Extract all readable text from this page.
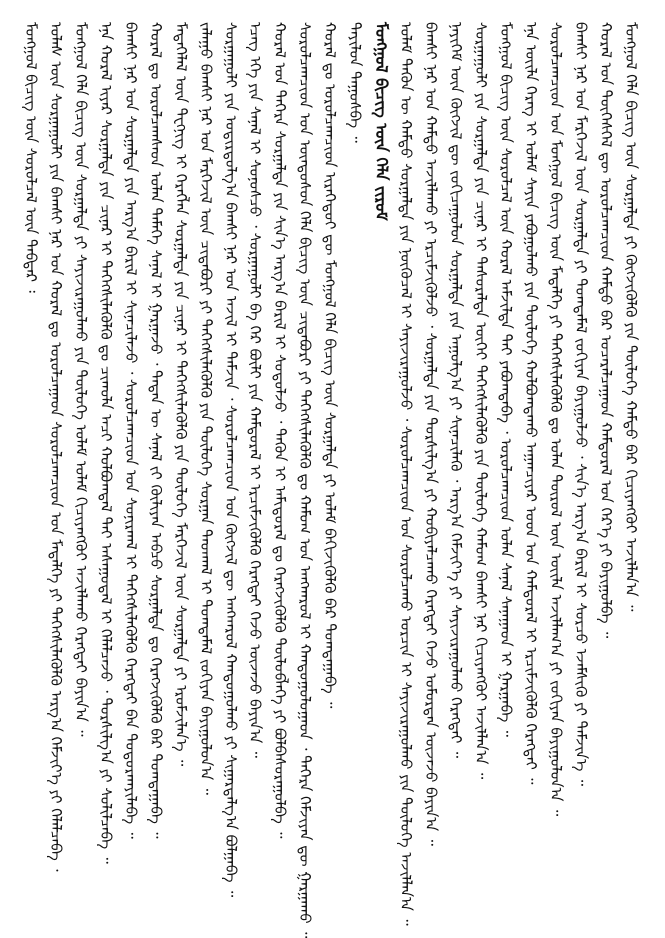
ᠮᠣᠩᠭᠣᠯ ᠪᠢᠴᠢᠭ᠌ ᠦᠨ ᠰᠤᠷᠤᠯᠴᠠᠯ ᠦᠨ ᠳᠡᠪᠲᠡᠷ ᠄ ᠤᠯᠠᠰ ᠦᠨ ᠰᠤᠷᠭᠠᠭᠤᠯᠢ ᠶᠢᠨ ᠪᠠᠭᠰᠢ ᠨᠠᠷ ᠤᠨ ᠬᠤᠷᠠᠯ ᠳᠤ ᠣᠷᠤᠯᠴᠠᠭᠠᠳ ᠰᠤᠷᠤᠯᠴᠠᠭᠴᠢᠳ ᠤᠨ ᠮᠡᠳᠡᠯᠭᠡ ᠶᠢ ᠳᠡᠭᠡᠭᠰᠢᠯᠡᠭᠦᠯᠬᠦ ᠠᠷᠭ᠎ᠠ ᠬᠡᠮᠵᠢᠶ᠎ᠡ ᠶᠢ ᠬᠡᠯᠡᠯᠴᠡᠪᠡ ᠂ ᠮᠣᠩᠭᠣᠯ ᠬᠡᠯᠡ ᠪᠢᠴᠢᠭ᠌ ᠦᠨ ᠰᠤᠷᠭᠠᠯᠲᠠ ᠶᠢ ᠰᠠᠶᠢᠵᠢᠷᠠᠭᠤᠯᠬᠤ ᠶᠢᠨ ᠲᠥᠯᠦᠭᠡ ᠤᠯᠠᠮ ᠤᠯᠠᠮ ᠬᠢᠴᠢᠶᠡᠩᠭᠦᠢ ᠠᠵᠢᠯᠯᠠᠬᠤ ᠬᠡᠷᠡᠭᠲᠡᠢ ᠪᠠᠶᠢᠨ᠎ᠠ ᠃ ᠡᠨᠡ ᠬᠤᠷᠠᠯ ᠢᠶᠠᠷ ᠰᠤᠷᠭᠠᠯᠲᠠ ᠶᠢᠨ ᠴᠢᠨᠠᠷ ᠢ ᠳᠡᠭᠡᠭᠰᠢᠯᠡᠭᠦᠯᠬᠦ ᠳᠤ ᠴᠢᠬᠤᠯᠠ ᠠᠴᠢ ᠬᠣᠯᠪᠣᠭᠳᠠᠯ ᠲᠠᠢ ᠠᠰᠠᠭᠤᠳᠠᠯ ᠢ ᠬᠡᠯᠡᠯᠴᠡᠵᠦ ᠂ ᠲᠤᠷᠰᠢᠯᠭ᠎ᠠ ᠶᠢ ᠰᠣᠯᠢᠯᠴᠠᠪᠠ ᠃ ᠪᠠᠭᠰᠢ ᠨᠠᠷ ᠤᠨ ᠰᠤᠷᠭᠠᠯᠲᠠ ᠶᠢᠨ ᠠᠷᠭ᠎ᠠ ᠪᠠᠷᠢᠯ ᠢ ᠰᠢᠨᠡᠴᠢᠯᠡᠵᠦ ᠂ ᠰᠤᠷᠤᠯᠴᠠᠭᠴᠢᠳ ᠤᠨ ᠰᠣᠨᠢᠷᠬᠠᠯ ᠢ ᠳᠡᠭᠡᠭᠰᠢᠯᠡᠭᠦᠯᠬᠦ ᠬᠡᠷᠡᠭᠲᠡᠢ ᠪᠡᠨ ᠲᠣᠳᠣᠷᠬᠠᠶᠢᠯᠠᠪᠠ ᠃ ᠬᠤᠷᠠᠯ ᠳᠤ ᠣᠷᠤᠯᠴᠠᠭᠰᠠᠳ ᠣᠯᠠᠨ ᠲᠡᠮᠡᠭᠡ ᠰᠠᠨᠠᠯ ᠢ ᠭᠠᠷᠭᠠᠵᠤ ᠂ ᠲᠡᠳᠡᠨ ᠦ ᠰᠠᠨᠠᠯ ᠵᠢ ᠬᠦᠯᠢᠶᠡᠨ ᠠᠪᠴᠤ ᠰᠤᠷᠭᠠᠯᠲᠠ ᠳᠤ ᠬᠡᠷᠡᠭᠵᠢᠭᠦᠯᠬᠦ ᠪᠠᠷ ᠲᠣᠭᠲᠠᠭᠠᠪᠠ ᠃ ᠮᠡᠳᠡᠭᠡᠯᠡᠯ ᠦᠨ ᠲᠧᠬᠨᠢᠭ ᠢ ᠬᠡᠷᠡᠭᠯᠡᠨ ᠰᠤᠷᠭᠠᠯᠲᠠ ᠶᠢᠨ ᠴᠢᠨᠠᠷ ᠢ ᠳᠡᠭᠡᠭᠰᠢᠯᠡᠭᠦᠯᠬᠦ ᠶᠢᠨ ᠲᠥᠯᠦᠭᠡ ᠮᠡᠷᠭᠡᠵᠢᠯ ᠦᠨ ᠰᠤᠷᠭᠠᠯᠲᠠ ᠶᠢ ᠡᠷᠦᠮᠵᠢᠯᠡᠨ᠎ᠡ ᠃ ᠵᠠᠯᠠᠭᠤ ᠪᠠᠭᠰᠢ ᠨᠠᠷ ᠤᠨ ᠮᠡᠷᠭᠡᠵᠢᠯ ᠦᠨ ᠴᠢᠳᠠᠪᠤᠷᠢ ᠶᠢ ᠳᠡᠭᠡᠭᠰᠢᠯᠡᠭᠦᠯᠬᠦ ᠶᠢᠨ ᠲᠥᠯᠦᠭᠡ ᠰᠤᠷᠭᠠᠨ ᠳᠠᠳᠬᠠᠯ ᠢ ᠲᠣᠭᠲᠠᠮᠠᠯ ᠵᠣᠬᠢᠶᠠᠨ ᠪᠠᠶᠢᠭᠤᠯᠤᠨ᠎ᠠ ᠃ ᠰᠤᠷᠭᠠᠭᠤᠯᠢ ᠶᠢᠨ ᠤᠳᠢᠷᠳᠤᠯᠭ᠎ᠠ ᠪᠠᠭᠰᠢ ᠨᠠᠷ ᠤᠨ ᠠᠵᠢᠯ ᠢ ᠳᠡᠮᠵᠢᠨ ᠂ ᠰᠤᠷᠤᠯᠴᠠᠭᠴᠢᠳ ᠤᠨ ᠬᠥᠭᠵᠢᠯ ᠳᠦ ᠠᠩᠬᠠᠷᠤᠯ ᠬᠠᠨᠳᠤᠭᠤᠯᠬᠤ ᠶᠢ ᠰᠢᠭᠠᠷᠳᠠᠯᠭ᠎ᠠ ᠪᠣᠯᠭᠠᠪᠠ ᠃ ᠡᠴᠡᠭ ᠡᠬᠡ ᠶᠢᠨ ᠰᠠᠨᠠᠯ ᠢ ᠰᠣᠨᠣᠰᠴᠤ ᠂ ᠰᠤᠷᠭᠠᠭᠤᠯᠢ ᠪᠠ ᠭᠡᠷ ᠪᠦᠯᠢ ᠶᠢᠨ ᠬᠠᠮᠲᠤᠷᠠᠯ ᠢ ᠡᠷᠴᠢᠮᠵᠢᠭᠦᠯᠬᠦ ᠬᠡᠷᠡᠭᠲᠡᠢ ᠭᠡᠵᠦ ᠦᠵᠡᠵᠦ ᠪᠠᠶᠢᠨ᠎ᠠ ᠃ ᠬᠤᠷᠠᠯ ᠤᠨ ᠳᠡᠭᠡᠷᠡ ᠰᠤᠷᠭᠠᠯᠲᠠ ᠶᠢᠨ ᠰᠢᠨ᠎ᠡ ᠠᠷᠭ᠎ᠠ ᠪᠠᠷᠢᠯ ᠢ ᠰᠤᠳᠤᠯᠵᠤ ᠂ ᠲᠡᠭᠦᠨ ᠢ ᠠᠮᠢᠳᠤᠷᠠᠯ ᠳᠤ ᠬᠡᠷᠡᠭᠵᠢᠭᠦᠯᠬᠦ ᠲᠥᠯᠦᠪᠯᠡᠭᠡ ᠶᠢ ᠪᠣᠯᠪᠠᠰᠤᠷᠠᠭᠤᠯᠪᠠ ᠃ ᠰᠤᠷᠤᠯᠴᠠᠭᠴᠢᠳ ᠤᠨ ᠦᠨᠳᠦᠰᠦᠨ ᠬᠡᠯᠡ ᠪᠢᠴᠢᠭ᠌ ᠦᠨ ᠴᠢᠳᠠᠪᠤᠷᠢ ᠶᠢ ᠳᠡᠭᠡᠭᠰᠢᠯᠡᠭᠦᠯᠬᠦ ᠳᠤ ᠬᠠᠮᠤᠭ ᠤᠨ ᠠᠨᠭᠬᠠᠷᠤᠯ ᠢ ᠬᠠᠨᠳᠤᠭᠤᠯᠤᠭᠠᠳ ᠂ ᠳᠡᠭᠡᠷᠡ ᠬᠡᠮᠵᠢᠶᠡᠨ ᠳᠦ ᠭᠠᠷᠭᠠᠬᠤ ᠃ ᠬᠤᠷᠠᠯ ᠳᠤ ᠣᠷᠤᠯᠴᠠᠭᠴᠢᠳ ᠢᠷᠡᠭᠡᠳᠦᠢ ᠳᠦ ᠮᠣᠩᠭᠣᠯ ᠬᠡᠯᠡ ᠪᠢᠴᠢᠭ᠌ ᠦᠨ ᠰᠤᠷᠭᠠᠯᠲᠠ ᠶᠢ ᠤᠯᠠᠮ ᠪᠡᠬᠢᠵᠢᠭᠦᠯᠬᠦ ᠪᠠᠷ ᠲᠣᠭᠲᠠᠭᠠᠪᠠ ᠃ ᠲᠠᠶᠢᠯᠤᠨ ᠳᠠᠭᠤᠰᠪᠠ ᠃ ᠮᠣᠩᠭᠣᠯ ᠪᠢᠴᠢᠭ᠌ ᠦᠨ ᠬᠡᠯᠡ ᠵᠢᠷᠤᠮ ᠤᠯᠠᠮ ᠲᠡᠭᠦᠨ ᠦ ᠬᠠᠮᠲᠤ ᠰᠤᠷᠭᠠᠯᠲᠠ ᠶᠢᠨ ᠨᠥᠬᠦᠴᠡᠯ ᠢ ᠰᠠᠶᠢᠵᠢᠷᠠᠭᠤᠯᠵᠤ ᠂ ᠰᠤᠷᠤᠯᠴᠠᠭᠴᠢᠳ ᠤᠨ ᠰᠤᠷᠤᠯᠴᠠᠬᠤ ᠣᠷᠴᠢᠨ ᠢ ᠰᠠᠶᠢᠵᠢᠷᠠᠭᠤᠯᠬᠤ ᠶᠢᠨ ᠲᠥᠯᠦᠭᠡ ᠠᠵᠢᠯᠯᠠᠨ᠎ᠠ ᠃ ᠪᠠᠭᠰᠢ ᠨᠠᠷ ᠤᠨ ᠬᠠᠮᠲᠤ ᠠᠵᠢᠯᠯᠠᠬᠤ ᠶᠢ ᠡᠷᠴᠢᠮᠵᠢᠭᠦᠯᠵᠦ ᠂ ᠰᠤᠷᠭᠠᠯᠲᠠ ᠶᠢᠨ ᠲᠤᠷᠰᠢᠯᠭ᠎ᠠ ᠶᠢ ᠬᠤᠪᠢᠶᠠᠯᠴᠠᠬᠤ ᠬᠡᠷᠡᠭᠲᠡᠢ ᠭᠡᠵᠦ ᠤᠮᠤᠷᠳᠠᠨ ᠦᠵᠡᠵᠦ ᠪᠠᠶᠢᠨ᠎ᠠ ᠃ ᠨᠡᠶᠢᠭᠡᠮ ᠦᠨ ᠬᠥᠭᠵᠢᠯ ᠳᠦ ᠵᠣᠬᠢᠴᠠᠭᠤᠯᠤᠨ ᠰᠤᠷᠭᠠᠯᠲᠠ ᠶᠢᠨ ᠠᠭᠤᠯᠭ᠎ᠠ ᠶᠢ ᠰᠢᠨᠡᠴᠢᠯᠡᠬᠦ ᠂ ᠠᠷᠭ᠎ᠠ ᠬᠡᠮᠵᠢᠶ᠎ᠡ ᠶᠢ ᠰᠠᠶᠢᠵᠢᠷᠠᠭᠤᠯᠬᠤ ᠬᠡᠷᠡᠭᠲᠡᠢ ᠃ ᠰᠤᠷᠭᠠᠭᠤᠯᠢ ᠶᠢᠨ ᠰᠤᠷᠭᠠᠯᠲᠠ ᠶᠢᠨ ᠴᠢᠨᠠᠷ ᠢ ᠲᠠᠰᠤᠷᠠᠯᠲᠠ ᠦᠭᠡᠢ ᠳᠡᠭᠡᠭᠰᠢᠯᠡᠭᠦᠯᠬᠦ ᠶᠢᠨ ᠲᠥᠯᠦᠭᠡ ᠬᠠᠮᠤᠭ ᠪᠠᠭᠰᠢ ᠨᠠᠷ ᠬᠢᠴᠢᠶᠡᠩᠭᠦᠢ ᠠᠵᠢᠯᠯᠠᠨ᠎ᠠ ᠃ ᠮᠣᠩᠭᠣᠯ ᠪᠢᠴᠢᠭ᠌ ᠦᠨ ᠰᠤᠷᠤᠯᠴᠠᠯ ᠦᠨ ᠬᠤᠷᠠᠯ ᠠᠮᠵᠢᠯᠲᠠ ᠲᠠᠢ ᠶᠠᠪᠤᠭᠳᠠᠪᠠ ᠂ ᠣᠷᠤᠯᠴᠠᠭᠴᠢᠳ ᠣᠯᠠᠨ ᠰᠠᠨᠠᠯ ᠰᠠᠨᠠᠭᠠᠳ ᠢ ᠭᠠᠷᠭᠠᠪᠠ ᠃ ᠡᠨᠡ ᠦᠢᠯᠡ ᠬᠡᠷᠡᠭ ᠢ ᠤᠯᠠᠮ ᠰᠠᠶᠢᠨ ᠶᠠᠪᠤᠭᠤᠯᠬᠤ ᠶᠢᠨ ᠲᠥᠯᠦᠭᠡ ᠬᠣᠯᠪᠣᠭᠳᠠᠬᠤ ᠠᠭᠠᠨᠴᠢᠶᠠᠷ ᠤᠳ ᠤᠨ ᠬᠠᠮᠲᠤᠷᠠᠯ ᠢ ᠡᠷᠴᠢᠮᠵᠢᠭᠦᠯᠬᠦ ᠬᠡᠷᠡᠭᠲᠡᠢ ᠃ ᠰᠤᠷᠤᠯᠴᠠᠭᠴᠢᠳ ᠤᠨ ᠮᠣᠩᠭᠣᠯ ᠪᠢᠴᠢᠭ᠌ ᠦᠨ ᠮᠡᠳᠡᠯᠭᠡ ᠶᠢ ᠳᠡᠭᠡᠭᠰᠢᠯᠡᠭᠦᠯᠬᠦ ᠳᠤ ᠣᠯᠠᠨ ᠲᠥᠷᠦᠯ ᠦᠨ ᠦᠢᠯᠡ ᠠᠵᠢᠯᠯᠠᠭ᠎ᠠ ᠶᠢ ᠵᠣᠬᠢᠶᠠᠨ ᠪᠠᠶᠢᠭᠤᠯᠤᠨ᠎ᠠ ᠃ ᠪᠠᠭᠰᠢ ᠨᠠᠷ ᠤᠨ ᠮᠡᠷᠭᠡᠵᠢᠯ ᠦᠨ ᠰᠤᠷᠭᠠᠯᠲᠠ ᠶᠢ ᠲᠣᠭᠲᠠᠮᠠᠯ ᠵᠣᠬᠢᠶᠠᠨ ᠪᠠᠶᠢᠭᠤᠯᠵᠤ ᠂ ᠰᠢᠨ᠎ᠡ ᠠᠷᠭ᠎ᠠ ᠪᠠᠷᠢᠯ ᠢ ᠰᠤᠷᠴᠤ ᠡᠵᠡᠮᠰᠢᠬᠦ ᠶᠢ ᠳᠡᠮᠵᠢᠨ᠎ᠡ ᠃ ᠬᠤᠷᠠᠯ ᠤᠨ ᠲᠥᠭᠡᠰᠬᠡᠯ ᠳᠦ ᠣᠷᠤᠯᠴᠠᠭᠴᠢᠳ ᠬᠠᠮᠲᠤ ᠪᠡᠷ ᠤᠴᠠᠷᠠᠯᠴᠠᠭᠠᠳ ᠬᠠᠮᠲᠤᠷᠠᠯ ᠤᠨ ᠭᠡᠷ᠎ᠡ ᠶᠢ ᠪᠠᠶᠢᠭᠤᠯᠪᠠ ᠃ ᠮᠣᠩᠭᠣᠯ ᠬᠡᠯᠡ ᠪᠢᠴᠢᠭ᠌ ᠦᠨ ᠰᠤᠷᠭᠠᠯᠲᠠ ᠶᠢ ᠬᠥᠭᠵᠢᠭᠦᠯᠬᠦ ᠶᠢᠨ ᠲᠥᠯᠦᠭᠡ ᠬᠠᠮᠲᠤ ᠪᠡᠷ ᠬᠢᠴᠢᠶᠡᠩᠭᠦᠢ ᠠᠵᠢᠯᠯᠠᠨ᠎ᠠ ᠃
